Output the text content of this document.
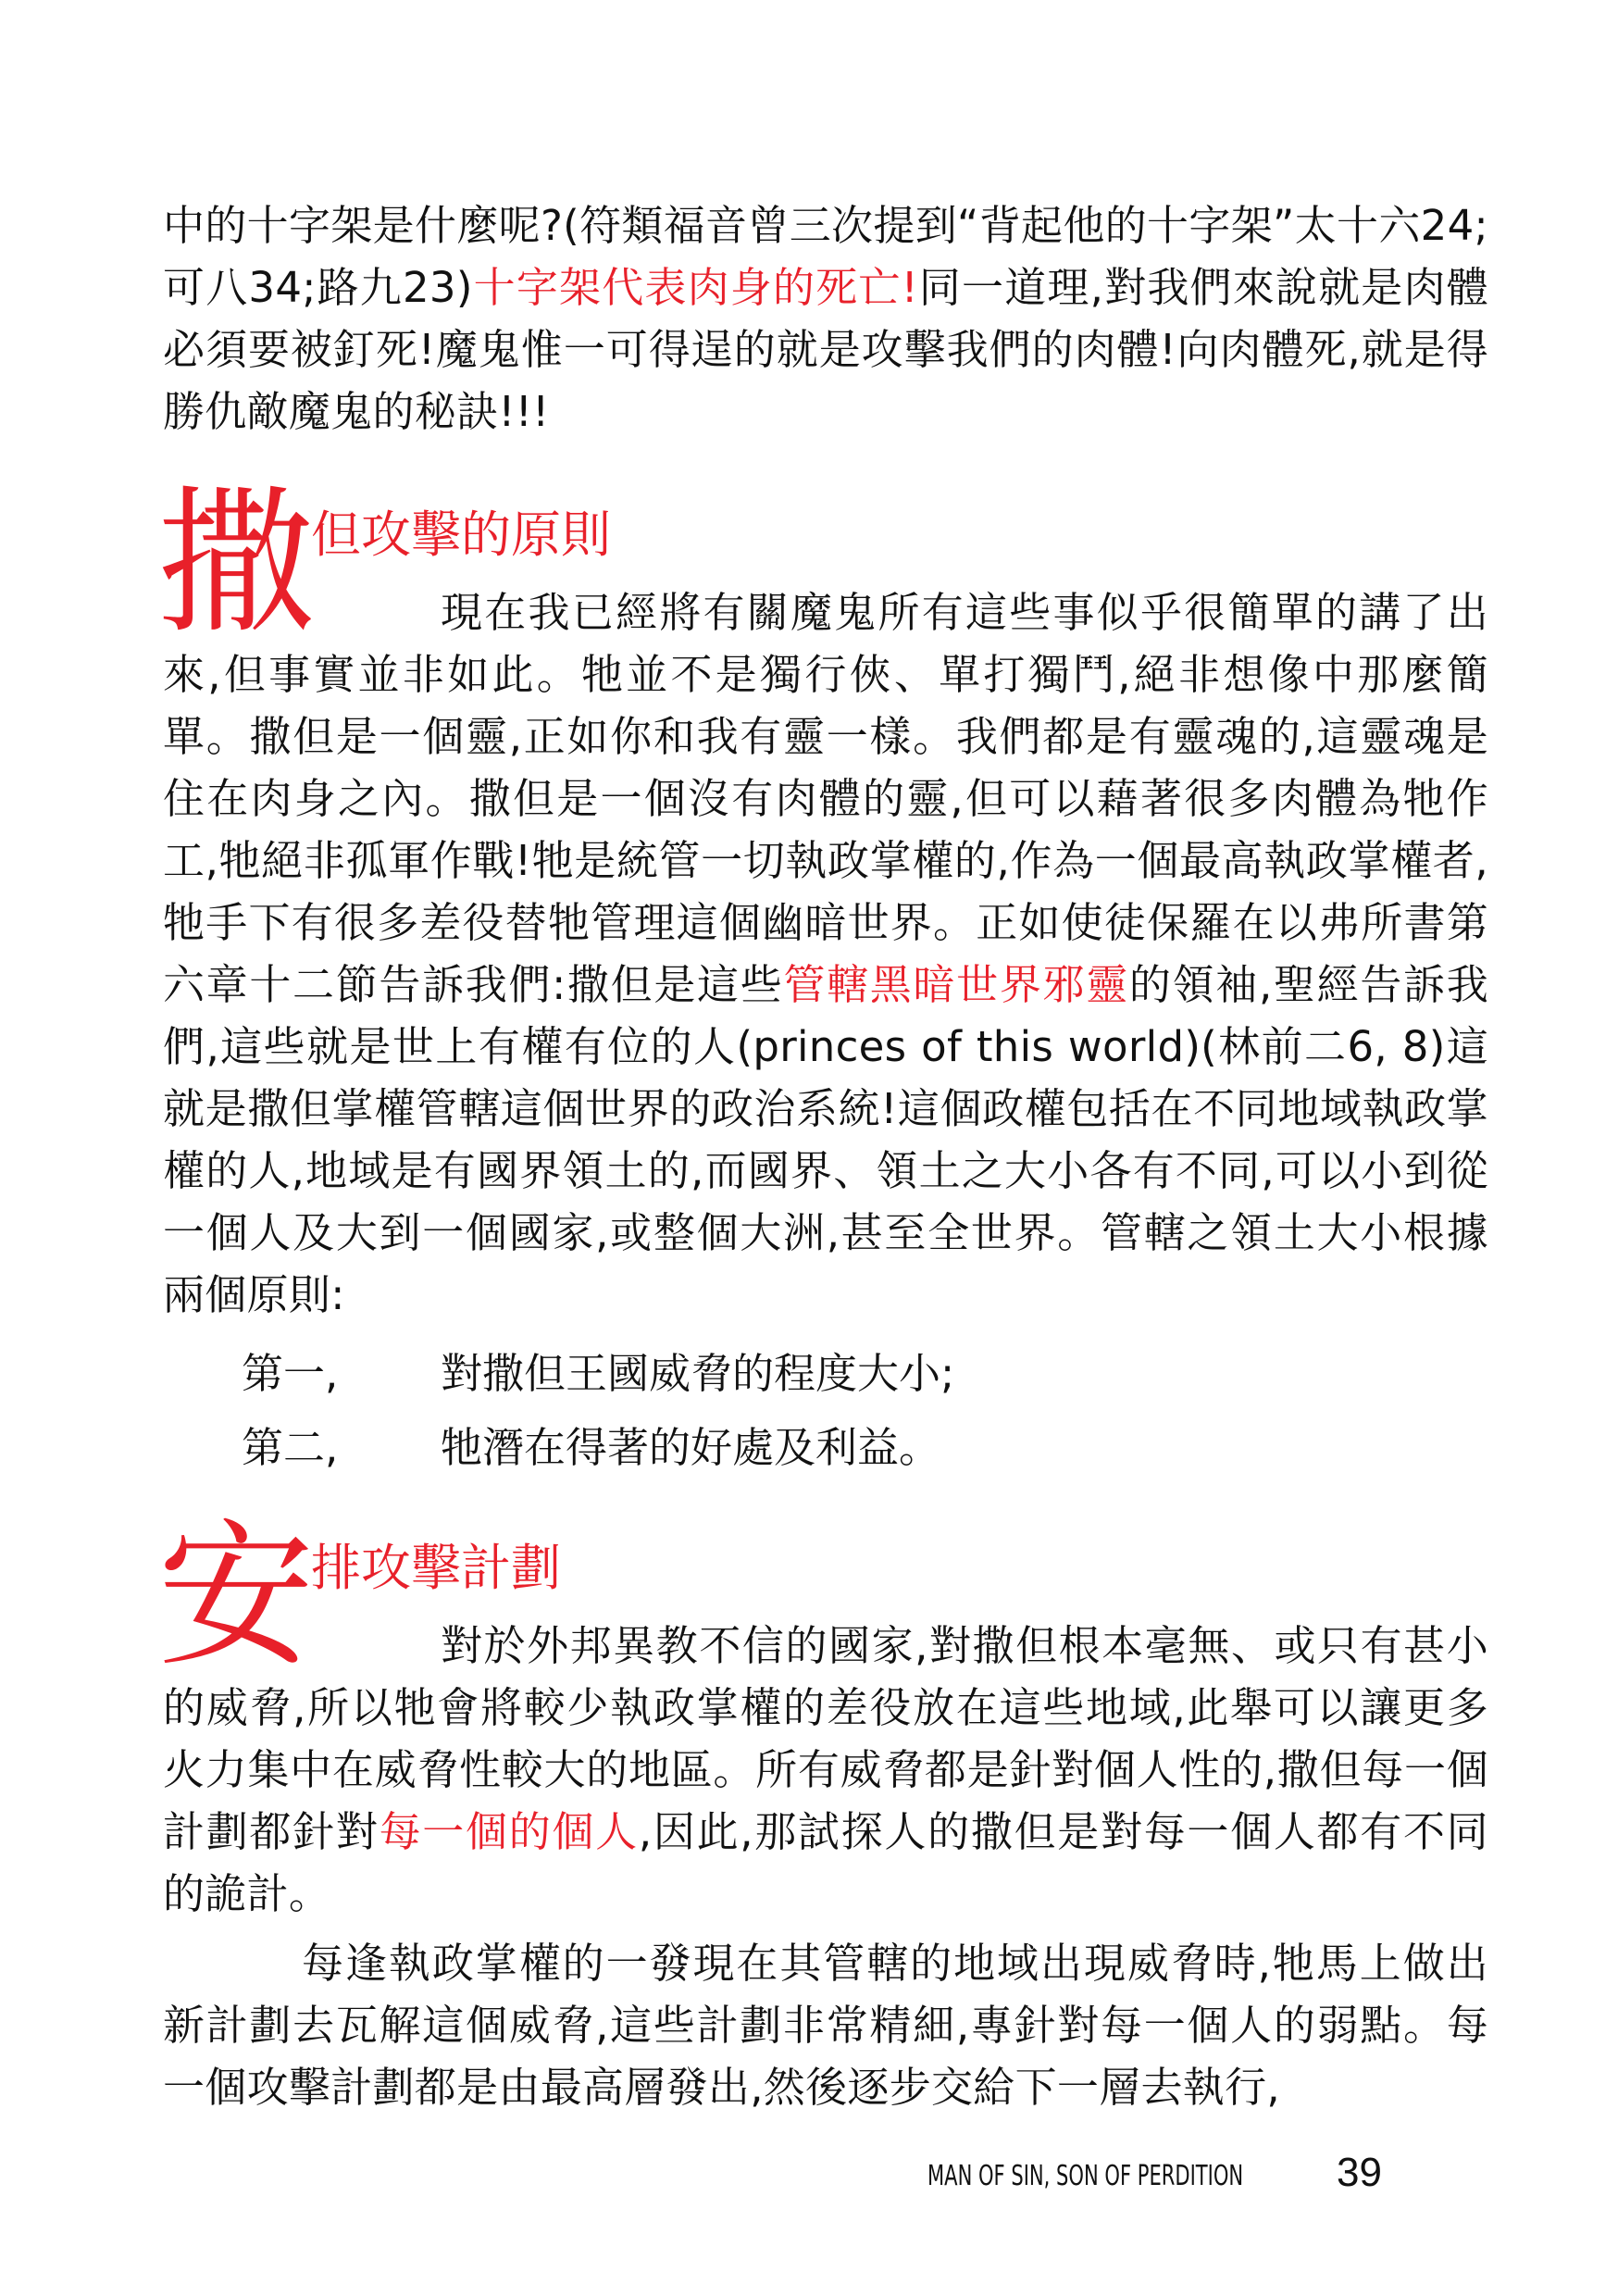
中的十字架是什麼呢?(符類福音曾三次提到“背起他的十字架”太十六24;可八34;路九23)十字架代表肉身的死亡!同一道理,對我們來說就是肉體必須要被釘死!魔鬼惟一可得逞的就是攻擊我們的肉體!向肉體死,就是得勝仇敵魔鬼的秘訣!!!

撒
但攻擊的原則

現在我已經將有關魔鬼所有這些事似乎很簡單的講了出來,但事實並非如此。牠並不是獨行俠、單打獨鬥,絕非想像中那麼簡單。撒但是一個靈,正如你和我有靈一樣。我們都是有靈魂的,這靈魂是住在肉身之內。撒但是一個沒有肉體的靈,但可以藉著很多肉體為牠作工,牠絕非孤軍作戰!牠是統管一切執政掌權的,作為一個最高執政掌權者,牠手下有很多差役替牠管理這個幽暗世界。正如使徒保羅在以弗所書第六章十二節告訴我們:撒但是這些管轄黑暗世界邪靈的領袖,聖經告訴我們,這些就是世上有權有位的人(princes of this world)(林前二6, 8)這就是撒但掌權管轄這個世界的政治系統!這個政權包括在不同地域執政掌權的人,地域是有國界領土的,而國界、領土之大小各有不同,可以小到從一個人及大到一個國家,或整個大洲,甚至全世界。管轄之領土大小根據兩個原則:

第一,	對撒但王國威脅的程度大小;
第二,	牠潛在得著的好處及利益。
安
排攻擊計劃

對於外邦異教不信的國家,對撒但根本毫無、或只有甚小的威脅,所以牠會將較少執政掌權的差役放在這些地域,此舉可以讓更多火力集中在威脅性較大的地區。所有威脅都是針對個人性的,撒但每一個計劃都針對每一個的個人,因此,那試探人的撒但是對每一個人都有不同的詭計。

每逢執政掌權的一發現在其管轄的地域出現威脅時,牠馬上做出新計劃去瓦解這個威脅,這些計劃非常精細,專針對每一個人的弱點。每一個攻擊計劃都是由最高層發出,然後逐步交給下一層去執行,

MAN OF SIN, SON OF PERDITION 39
